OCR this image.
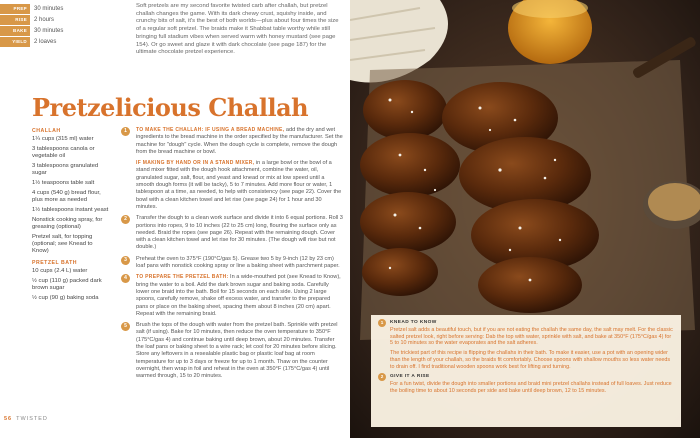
PREP	30 minutes
RISE	2 hours
BAKE	30 minutes
YIELD	2 loaves

Soft pretzels are my second favorite twisted carb after challah, but pretzel challah changes the game. With its dark chewy crust, squishy inside, and crunchy bits of salt, it's the best of both worlds—plus about four times the size of a regular soft pretzel. The braids make it Shabbat table worthy while still bringing full stadium vibes when served warm with honey mustard (see page 154). Or go sweet and glaze it with dark chocolate (see page 187) for the ultimate chocolate pretzel experience.

Pretzelicious Challah
CHALLAH
1¼ cups (315 ml) water
3 tablespoons canola or vegetable oil
3 tablespoons granulated sugar
1½ teaspoons table salt
4 cups (540 g) bread flour, plus more as needed
1½ tablespoons instant yeast
Nonstick cooking spray, for greasing (optional)
Pretzel salt, for topping (optional; see Knead to Know)
PRETZEL BATH
10 cups (2.4 L) water
½ cup (110 g) packed dark brown sugar
½ cup (90 g) baking soda

1	TO MAKE THE CHALLAH: IF USING A BREAD MACHINE, add the dry and wet ingredients to the bread machine in the order specified by the manufacturer. Set the machine for "dough" cycle. When the dough cycle is complete, remove the dough from the bread machine or bowl.

IF MAKING BY HAND OR IN A STAND MIXER, in a large bowl or the bowl of a stand mixer fitted with the dough hook attachment, combine the water, oil, granulated sugar, salt, flour, and yeast and knead or mix at low speed until a smooth dough forms (it will be tacky), 5 to 7 minutes. Add more flour or water, 1 tablespoon at a time, as needed, to help with consistency (see page 22). Cover the bowl with a clean kitchen towel and let rise (see page 24) for 1 hour and 30 minutes.

2	Transfer the dough to a clean work surface and divide it into 6 equal portions. Roll 3 portions into ropes, 9 to 10 inches (22 to 25 cm) long, flouring the surface only as needed. Braid the ropes (see page 26). Repeat with the remaining dough. Cover with a clean kitchen towel and let rise for 30 minutes. (The dough will rise but not double.)

3	Preheat the oven to 375°F (190°C/gas 5). Grease two 5 by 9-inch (12 by 23 cm) loaf pans with nonstick cooking spray or line a baking sheet with parchment paper.

4	TO PREPARE THE PRETZEL BATH: In a wide-mouthed pot (see Knead to Know), bring the water to a boil. Add the dark brown sugar and baking soda. Carefully lower one braid into the bath. Boil for 15 seconds on each side. Using 2 large spoons, carefully remove, shake off excess water, and transfer to the prepared pans or place on the baking sheet, spacing them about 8 inches (20 cm) apart. Repeat with the remaining braid.

5	Brush the tops of the dough with water from the pretzel bath. Sprinkle with pretzel salt (if using). Bake for 10 minutes, then reduce the oven temperature to 350°F (175°C/gas 4) and continue baking until deep brown, about 20 minutes. Transfer the loaf pans or baking sheet to a wire rack; let cool for 20 minutes before slicing. Store any leftovers in a resealable plastic bag or plastic loaf bag at room temperature for up to 3 days or freeze for up to 1 month. Thaw on the counter overnight, then wrap in foil and reheat in the oven at 350°F (175°C/gas 4) until warmed through, 15 to 20 minutes.

56 TWISTED
1	KNEAD TO KNOW

Pretzel salt adds a beautiful touch, but if you are not eating the challah the same day, the salt may melt. For the classic salted pretzel look, right before serving: Dab the top with water, sprinkle with salt, and bake at 350°F (175°C/gas 4) for 5 to 10 minutes so the water evaporates and the salt adheres.

The trickiest part of this recipe is flipping the challahs in their bath. To make it easier, use a pot with an opening wider than the length of your challah, so the braids fit comfortably. Choose spoons with shallow mouths so less water needs to drain off. I find traditional wooden spoons work best for lifting and turning.

2	GIVE IT A RISE

For a fun twist, divide the dough into smaller portions and braid mini pretzel challahs instead of full loaves. Just reduce the boiling time to about 10 seconds per side and bake until deep brown, 12 to 15 minutes.
